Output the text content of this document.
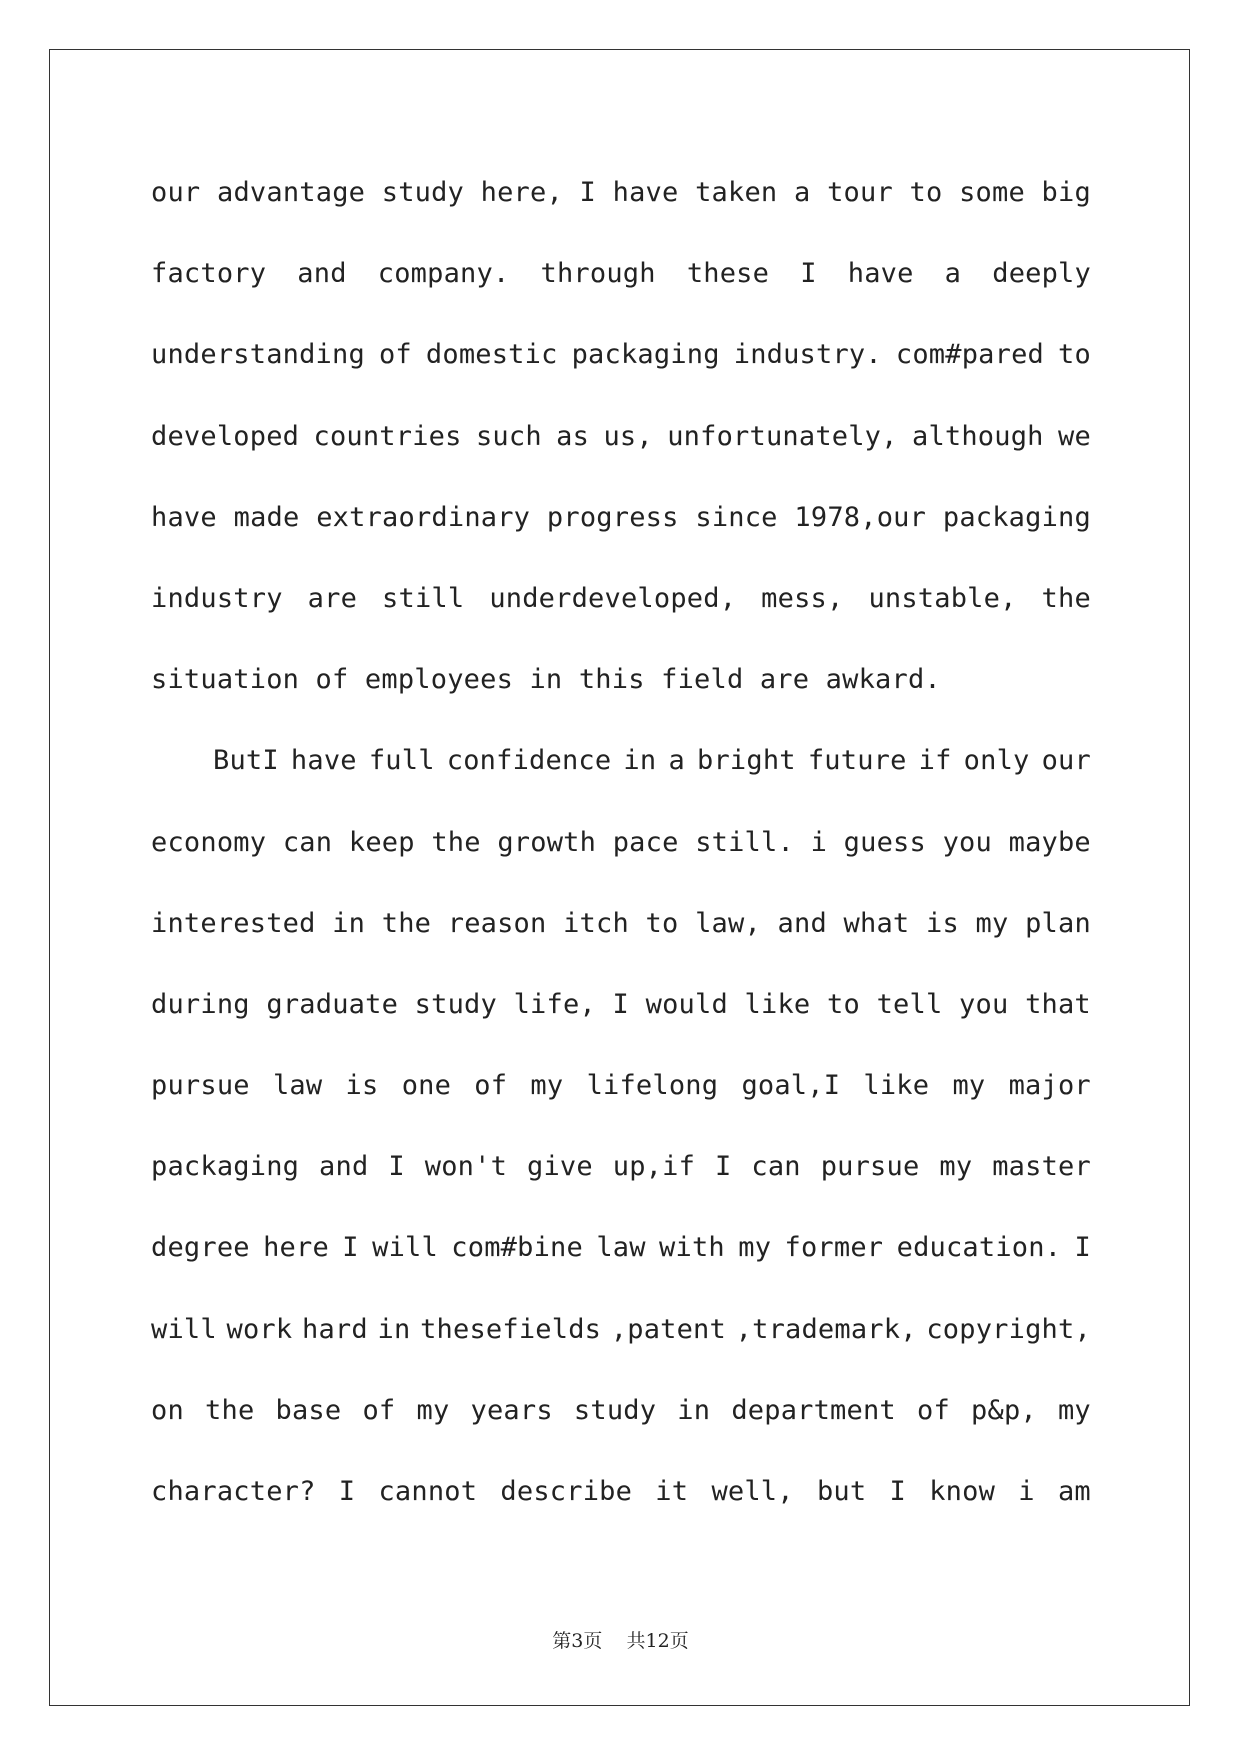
our advantage study here, I have taken a tour to some big
factory and company. through these I have a deeply
understanding of domestic packaging industry. com#pared to
developed countries such as us, unfortunately, although we
have made extraordinary progress since 1978,our packaging
industry are still underdeveloped, mess, unstable, the
situation of employees in this field are awkard.
ButI have full confidence in a bright future if only our
economy can keep the growth pace still. i guess you maybe
interested in the reason itch to law, and what is my plan
during graduate study life, I would like to tell you that
pursue law is one of my lifelong goal,I like my major
packaging and I won't give up,if I can pursue my master
degree here I will com#bine law with my former education. I
will work hard in thesefields ,patent ,trademark, copyright,
on the base of my years study in department of p&p, my
character? I cannot describe it well, but I know i am
第3页 共12页
